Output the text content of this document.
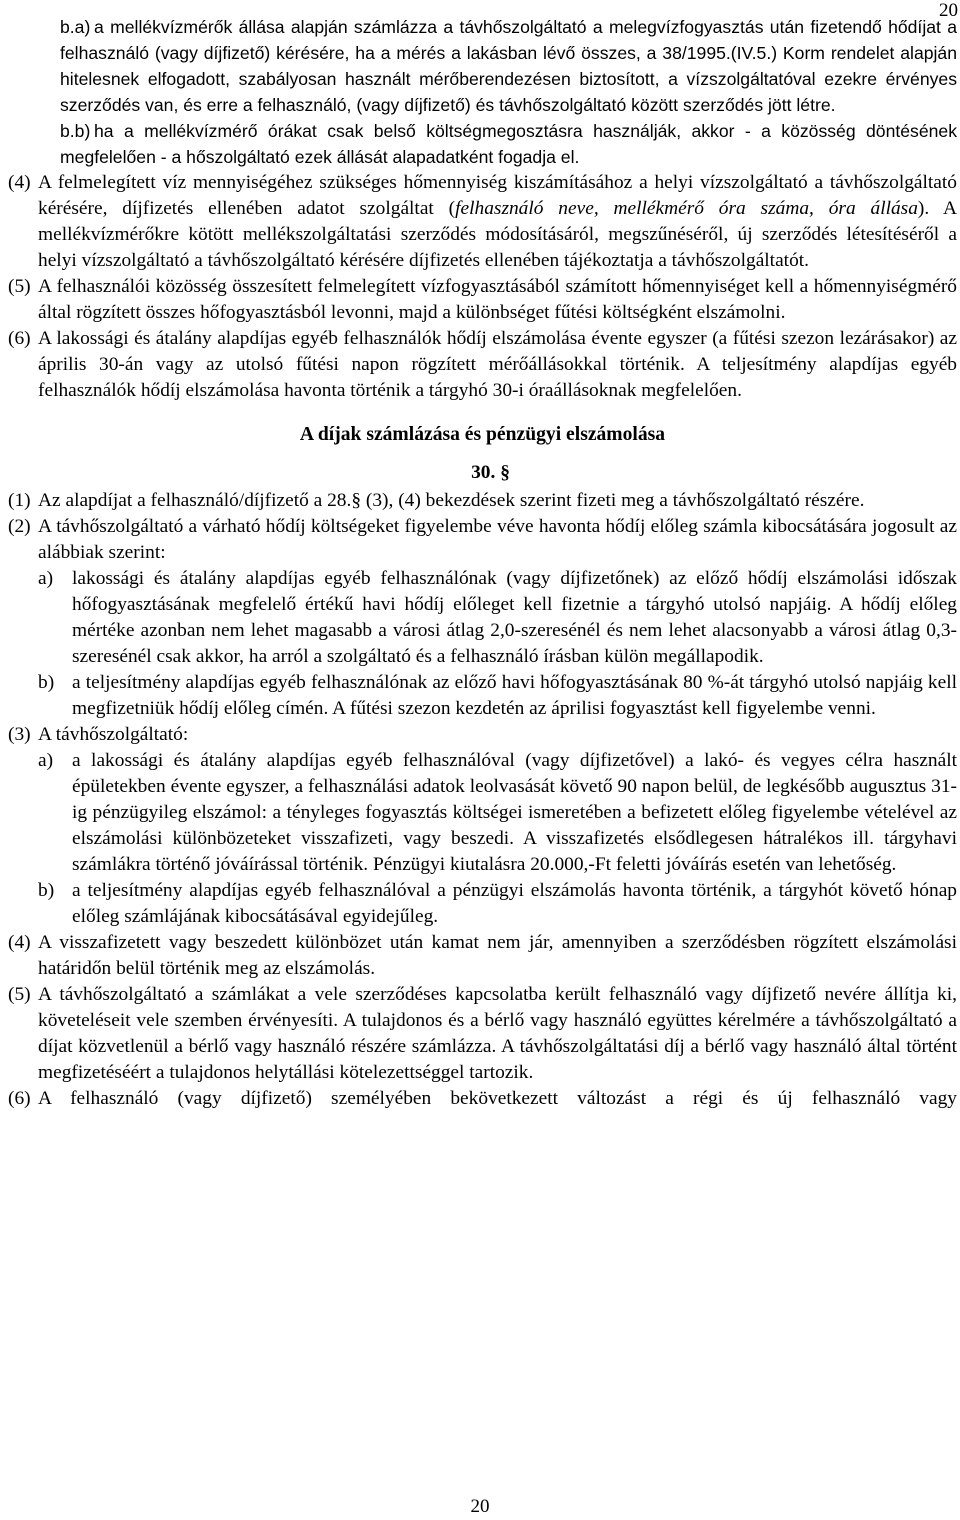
20

b.a) a mellékvízmérők állása alapján számlázza a távhőszolgáltató a melegvízfogyasztás után fizetendő hődíjat a felhasználó (vagy díjfizető) kérésére, ha a mérés a lakásban lévő összes, a 38/1995.(IV.5.) Korm rendelet alapján hitelesnek elfogadott, szabályosan használt mérőberendezésen biztosított, a vízszolgáltatóval ezekre érvényes szerződés van, és erre a felhasználó, (vagy díjfizető) és távhőszolgáltató között szerződés jött létre.

b.b) ha a mellékvízmérő órákat csak belső költségmegosztásra használják, akkor - a közösség döntésének megfelelően - a hőszolgáltató ezek állását alapadatként fogadja el.

(4) A felmelegített víz mennyiségéhez szükséges hőmennyiség kiszámításához a helyi vízszolgáltató a távhőszolgáltató kérésére, díjfizetés ellenében adatot szolgáltat (felhasználó neve, mellékmérő óra száma, óra állása). A mellékvízmérőkre kötött mellékszolgáltatási szerződés módosításáról, megszűnéséről, új szerződés létesítéséről a helyi vízszolgáltató a távhőszolgáltató kérésére díjfizetés ellenében tájékoztatja a távhőszolgáltatót.

(5) A felhasználói közösség összesített felmelegített vízfogyasztásából számított hőmennyiséget kell a hőmennyiségmérő által rögzített összes hőfogyasztásból levonni, majd a különbséget fűtési költségként elszámolni.

(6) A lakossági és átalány alapdíjas egyéb felhasználók hődíj elszámolása évente egyszer (a fűtési szezon lezárásakor) az április 30-án vagy az utolsó fűtési napon rögzített mérőállásokkal történik. A teljesítmény alapdíjas egyéb felhasználók hődíj elszámolása havonta történik a tárgyhó 30-i óraállásoknak megfelelően.

A díjak számlázása és pénzügyi elszámolása
30. §

(1) Az alapdíjat a felhasználó/díjfizető a 28.§ (3), (4) bekezdések szerint fizeti meg a távhőszolgáltató részére.

(2) A távhőszolgáltató a várható hődíj költségeket figyelembe véve havonta hődíj előleg számla kibocsátására jogosult az alábbiak szerint:

a) lakossági és átalány alapdíjas egyéb felhasználónak (vagy díjfizetőnek) az előző hődíj elszámolási időszak hőfogyasztásának megfelelő értékű havi hődíj előleget kell fizetnie a tárgyhó utolsó napjáig. A hődíj előleg mértéke azonban nem lehet magasabb a városi átlag 2,0-szeresénél és nem lehet alacsonyabb a városi átlag 0,3-szeresénél csak akkor, ha arról a szolgáltató és a felhasználó írásban külön megállapodik.

b) a teljesítmény alapdíjas egyéb felhasználónak az előző havi hőfogyasztásának 80 %-át tárgyhó utolsó napjáig kell megfizetniük hődíj előleg címén. A fűtési szezon kezdetén az áprilisi fogyasztást kell figyelembe venni.

(3) A távhőszolgáltató:

a) a lakossági és átalány alapdíjas egyéb felhasználóval (vagy díjfizetővel) a lakó- és vegyes célra használt épületekben évente egyszer, a felhasználási adatok leolvasását követő 90 napon belül, de legkésőbb augusztus 31-ig pénzügyileg elszámol: a tényleges fogyasztás költségei ismeretében a befizetett előleg figyelembe vételével az elszámolási különbözeteket visszafizeti, vagy beszedi. A visszafizetés elsődlegesen hátralékos ill. tárgyhavi számlákra történő jóváírással történik. Pénzügyi kiutalásra 20.000,-Ft feletti jóváírás esetén van lehetőség.

b) a teljesítmény alapdíjas egyéb felhasználóval a pénzügyi elszámolás havonta történik, a tárgyhót követő hónap előleg számlájának kibocsátásával egyidejűleg.

(4) A visszafizetett vagy beszedett különbözet után kamat nem jár, amennyiben a szerződésben rögzített elszámolási határidőn belül történik meg az elszámolás.

(5) A távhőszolgáltató a számlákat a vele szerződéses kapcsolatba került felhasználó vagy díjfizető nevére állítja ki, követeléseit vele szemben érvényesíti. A tulajdonos és a bérlő vagy használó együttes kérelmére a távhőszolgáltató a díjat közvetlenül a bérlő vagy használó részére számlázza. A távhőszolgáltatási díj a bérlő vagy használó által történt megfizetéséért a tulajdonos helytállási kötelezettséggel tartozik.

(6) A felhasználó (vagy díjfizető) személyében bekövetkezett változást a régi és új felhasználó vagy

20
